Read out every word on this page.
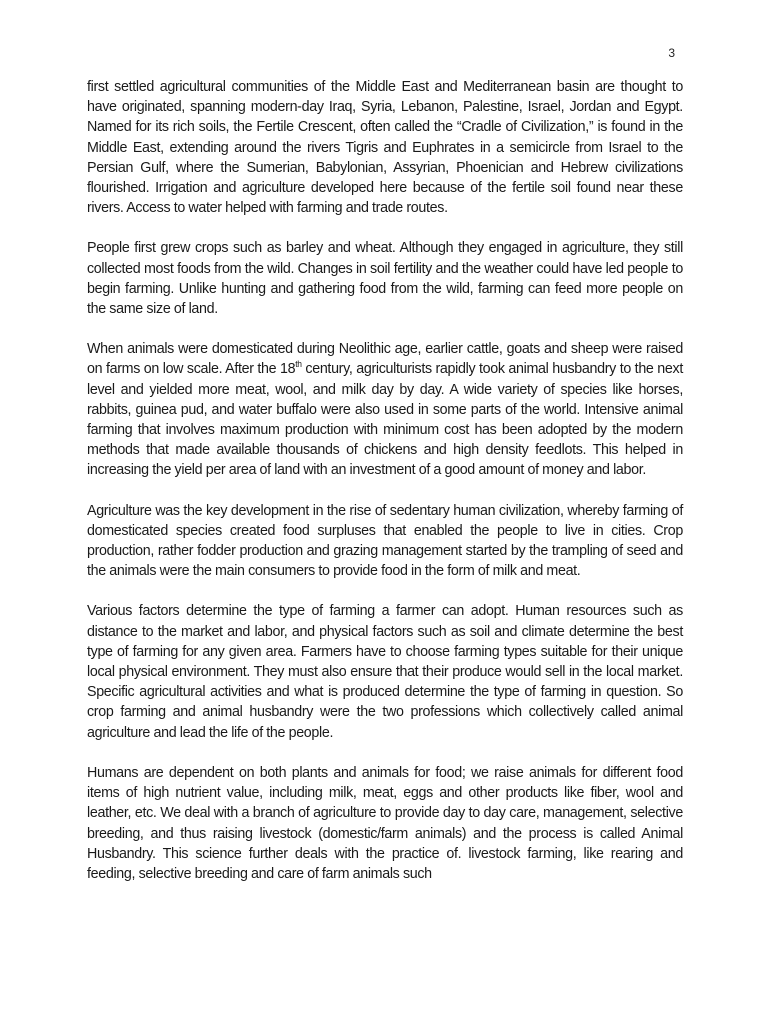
3

first settled agricultural communities of the Middle East and Mediterranean basin are thought to have originated, spanning modern-day Iraq, Syria, Lebanon, Palestine, Israel, Jordan and Egypt. Named for its rich soils, the Fertile Crescent, often called the “Cradle of Civilization,” is found in the Middle East, extending around the rivers Tigris and Euphrates in a semicircle from Israel to the Persian Gulf, where the Sumerian, Babylonian, Assyrian, Phoenician and Hebrew civilizations flourished. Irrigation and agriculture developed here because of the fertile soil found near these rivers. Access to water helped with farming and trade routes.

People first grew crops such as barley and wheat. Although they engaged in agriculture, they still collected most foods from the wild. Changes in soil fertility and the weather could have led people to begin farming. Unlike hunting and gathering food from the wild, farming can feed more people on the same size of land.

When animals were domesticated during Neolithic age, earlier cattle, goats and sheep were raised on farms on low scale. After the 18th century, agriculturists rapidly took animal husbandry to the next level and yielded more meat, wool, and milk day by day. A wide variety of species like horses, rabbits, guinea pud, and water buffalo were also used in some parts of the world. Intensive animal farming that involves maximum production with minimum cost has been adopted by the modern methods that made available thousands of chickens and high density feedlots. This helped in increasing the yield per area of land with an investment of a good amount of money and labor.

Agriculture was the key development in the rise of sedentary human civilization, whereby farming of domesticated species created food surpluses that enabled the people to live in cities. Crop production, rather fodder production and grazing management started by the trampling of seed and the animals were the main consumers to provide food in the form of milk and meat.

Various factors determine the type of farming a farmer can adopt. Human resources such as distance to the market and labor, and physical factors such as soil and climate determine the best type of farming for any given area. Farmers have to choose farming types suitable for their unique local physical environment. They must also ensure that their produce would sell in the local market. Specific agricultural activities and what is produced determine the type of farming in question. So crop farming and animal husbandry were the two professions which collectively called animal agriculture and lead the life of the people.

Humans are dependent on both plants and animals for food; we raise animals for different food items of high nutrient value, including milk, meat, eggs and other products like fiber, wool and leather, etc. We deal with a branch of agriculture to provide day to day care, management, selective breeding, and thus raising livestock (domestic/farm animals) and the process is called Animal Husbandry. This science further deals with the practice of. livestock farming, like rearing and feeding, selective breeding and care of farm animals such
